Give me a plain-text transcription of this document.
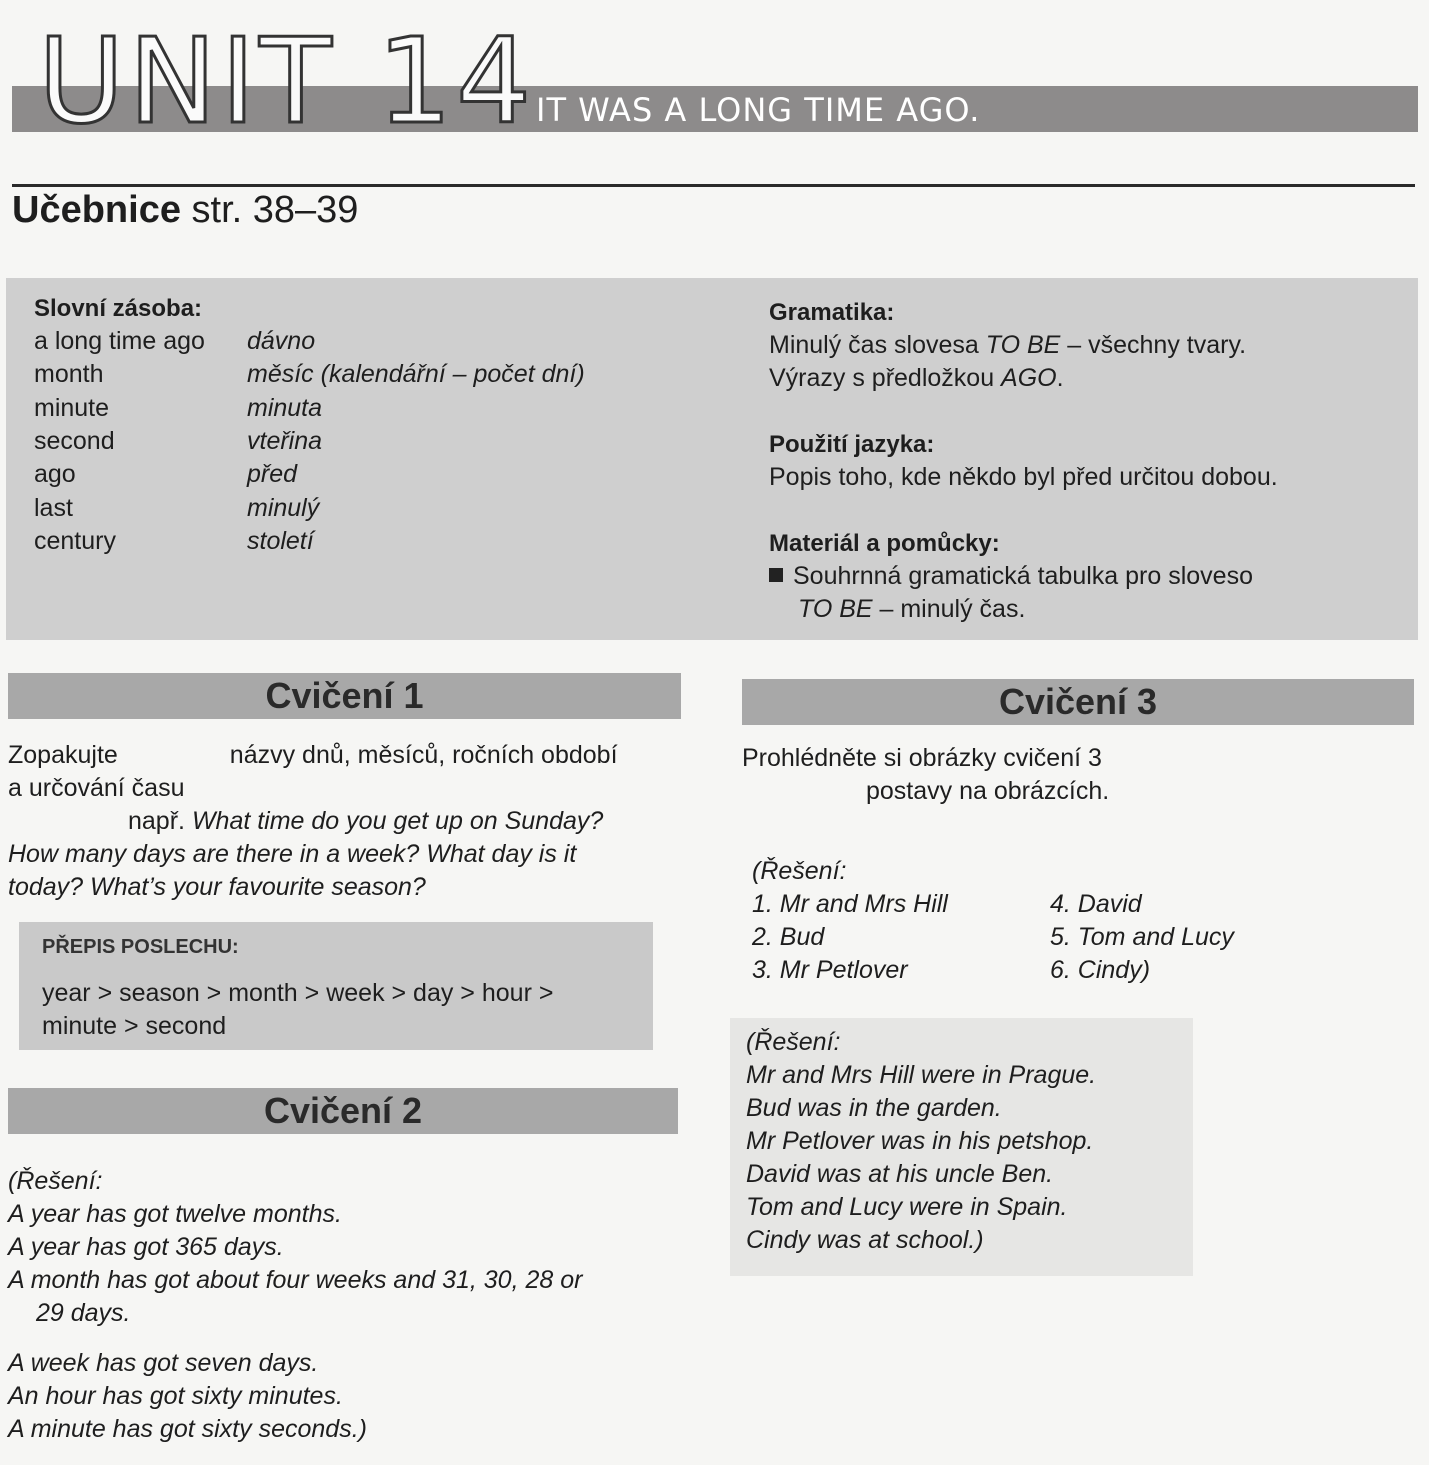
UNIT 14 IT WAS A LONG TIME AGO.
Učebnice str. 38–39
Slovní zásoba:
a long time ago	dávno
month	měsíc (kalendářní – počet dní)
minute	minuta
second	vteřina
ago	před
last	minulý
century	století
Gramatika:
Minulý čas slovesa TO BE – všechny tvary.
Výrazy s předložkou AGO.
Použití jazyka:
Popis toho, kde někdo byl před určitou dobou.
Materiál a pomůcky:
Souhrnná gramatická tabulka pro sloveso
TO BE – minulý čas.
Cvičení 1
Zopakujte	názvy dnů, měsíců, ročních období
a určování času
např. What time do you get up on Sunday?
How many days are there in a week? What day is it
today? What’s your favourite season?
PŘEPIS POSLECHU:
year > season > month > week > day > hour >
minute > second
Cvičení 2
(Řešení:
A year has got twelve months.
A year has got 365 days.
A month has got about four weeks and 31, 30, 28 or
29 days.
A week has got seven days.
An hour has got sixty minutes.
A minute has got sixty seconds.)
Cvičení 3
Prohlédněte si obrázky cvičení 3
postavy na obrázcích.
(Řešení:
1. Mr and Mrs Hill	4. David
2. Bud	5. Tom and Lucy
3. Mr Petlover	6. Cindy)
(Řešení:
Mr and Mrs Hill were in Prague.
Bud was in the garden.
Mr Petlover was in his petshop.
David was at his uncle Ben.
Tom and Lucy were in Spain.
Cindy was at school.)
